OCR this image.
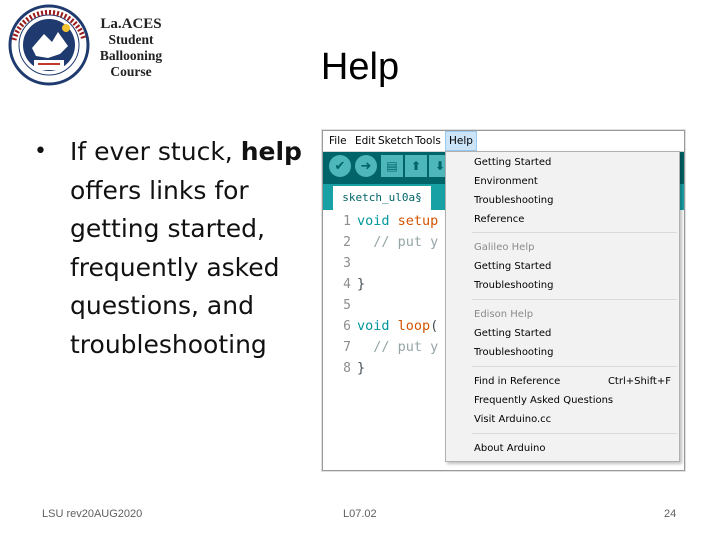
La.ACES
Student
Ballooning
Course	Help
• If ever stuck, help offers links for getting started, frequently asked questions, and troubleshooting
File Edit Sketch Tools Help
✔	➜	▤	⬆	⬇
sketch_ul0a§
1
2
3
4
5
6
7
8
void setup
// put y
}
void loop(
// put y
}
Getting Started
Environment
Troubleshooting
Reference
Galileo Help
Getting Started
Troubleshooting
Edison Help
Getting Started
Troubleshooting
Find in Reference	Ctrl+Shift+F
Frequently Asked Questions
Visit Arduino.cc
About Arduino
LSU rev20AUG2020	L07.02	24
